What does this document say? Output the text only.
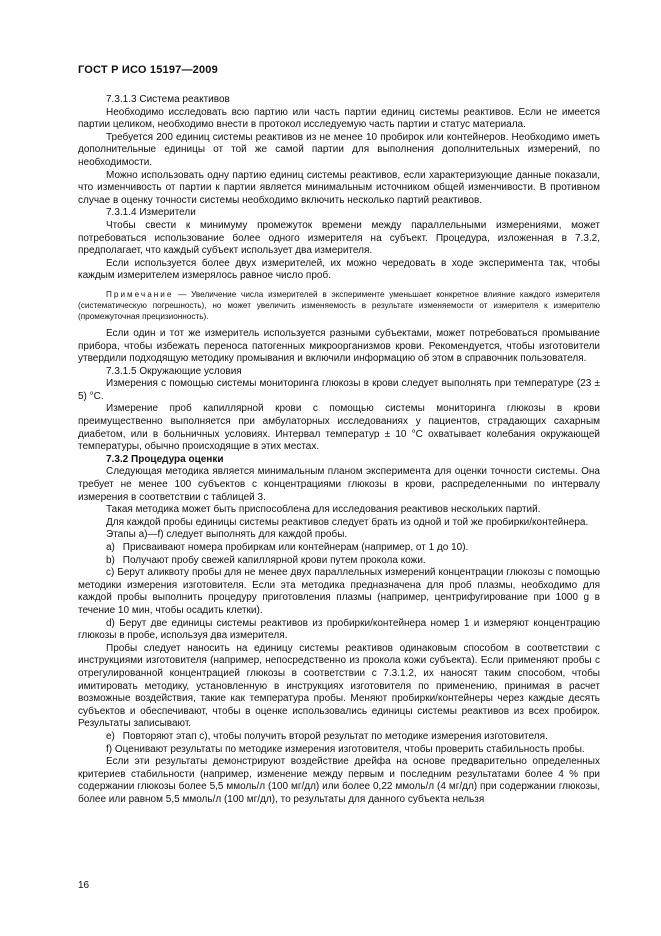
ГОСТ Р ИСО 15197—2009
7.3.1.3 Система реактивов

Необходимо исследовать всю партию или часть партии единиц системы реактивов. Если не имеется партии целиком, необходимо внести в протокол исследуемую часть партии и статус материала.

Требуется 200 единиц системы реактивов из не менее 10 пробирок или контейнеров. Необходимо иметь дополнительные единицы от той же самой партии для выполнения дополнительных измерений, по необходимости.

Можно использовать одну партию единиц системы реактивов, если характеризующие данные показали, что изменчивость от партии к партии является минимальным источником общей изменчивости. В противном случае в оценку точности системы необходимо включить несколько партий реактивов.

7.3.1.4 Измерители

Чтобы свести к минимуму промежуток времени между параллельными измерениями, может потребоваться использование более одного измерителя на субъект. Процедура, изложенная в 7.3.2, предполагает, что каждый субъект использует два измерителя.

Если используется более двух измерителей, их можно чередовать в ходе эксперимента так, чтобы каждым измерителем измерялось равное число проб.

Примечание — Увеличение числа измерителей в эксперименте уменьшает конкретное влияние каждого измерителя (систематическую погрешность), но может увеличить изменяемость в результате изменяемости от измерителя к измерителю (промежуточная прецизионность).

Если один и тот же измеритель используется разными субъектами, может потребоваться промывание прибора, чтобы избежать переноса патогенных микроорганизмов крови. Рекомендуется, чтобы изготовители утвердили подходящую методику промывания и включили информацию об этом в справочник пользователя.

7.3.1.5 Окружающие условия

Измерения с помощью системы мониторинга глюкозы в крови следует выполнять при температуре (23 ± 5) °С.

Измерение проб капиллярной крови с помощью системы мониторинга глюкозы в крови преимущественно выполняется при амбулаторных исследованиях у пациентов, страдающих сахарным диабетом, или в больничных условиях. Интервал температур ± 10 °С охватывает колебания окружающей температуры, обычно происходящие в этих местах.

7.3.2 Процедура оценки

Следующая методика является минимальным планом эксперимента для оценки точности системы. Она требует не менее 100 субъектов с концентрациями глюкозы в крови, распределенными по интервалу измерения в соответствии с таблицей 3.

Такая методика может быть приспособлена для исследования реактивов нескольких партий.

Для каждой пробы единицы системы реактивов следует брать из одной и той же пробирки/контейнера.

Этапы а)—f) следует выполнять для каждой пробы.

a) Присваивают номера пробиркам или контейнерам (например, от 1 до 10).
b) Получают пробу свежей капиллярной крови путем прокола кожи.

c) Берут аликвоту пробы для не менее двух параллельных измерений концентрации глюкозы с помощью методики измерения изготовителя. Если эта методика предназначена для проб плазмы, необходимо для каждой пробы выполнить процедуру приготовления плазмы (например, центрифугирование при 1000 g в течение 10 мин, чтобы осадить клетки).

d) Берут две единицы системы реактивов из пробирки/контейнера номер 1 и измеряют концентрацию глюкозы в пробе, используя два измерителя.

Пробы следует наносить на единицу системы реактивов одинаковым способом в соответствии с инструкциями изготовителя (например, непосредственно из прокола кожи субъекта). Если применяют пробы с отрегулированной концентрацией глюкозы в соответствии с 7.3.1.2, их наносят таким способом, чтобы имитировать методику, установленную в инструкциях изготовителя по применению, принимая в расчет возможные воздействия, такие как температура пробы. Меняют пробирки/контейнеры через каждые десять субъектов и обеспечивают, чтобы в оценке использовались единицы системы реактивов из всех пробирок. Результаты записывают.

e) Повторяют этап с), чтобы получить второй результат по методике измерения изготовителя.

f) Оценивают результаты по методике измерения изготовителя, чтобы проверить стабильность пробы.

Если эти результаты демонстрируют воздействие дрейфа на основе предварительно определенных критериев стабильности (например, изменение между первым и последним результатами более 4 % при содержании глюкозы более 5,5 ммоль/л (100 мг/дл) или более 0,22 ммоль/л (4 мг/дл) при содержании глюкозы, более или равном 5,5 ммоль/л (100 мг/дл), то результаты для данного субъекта нельзя

16
